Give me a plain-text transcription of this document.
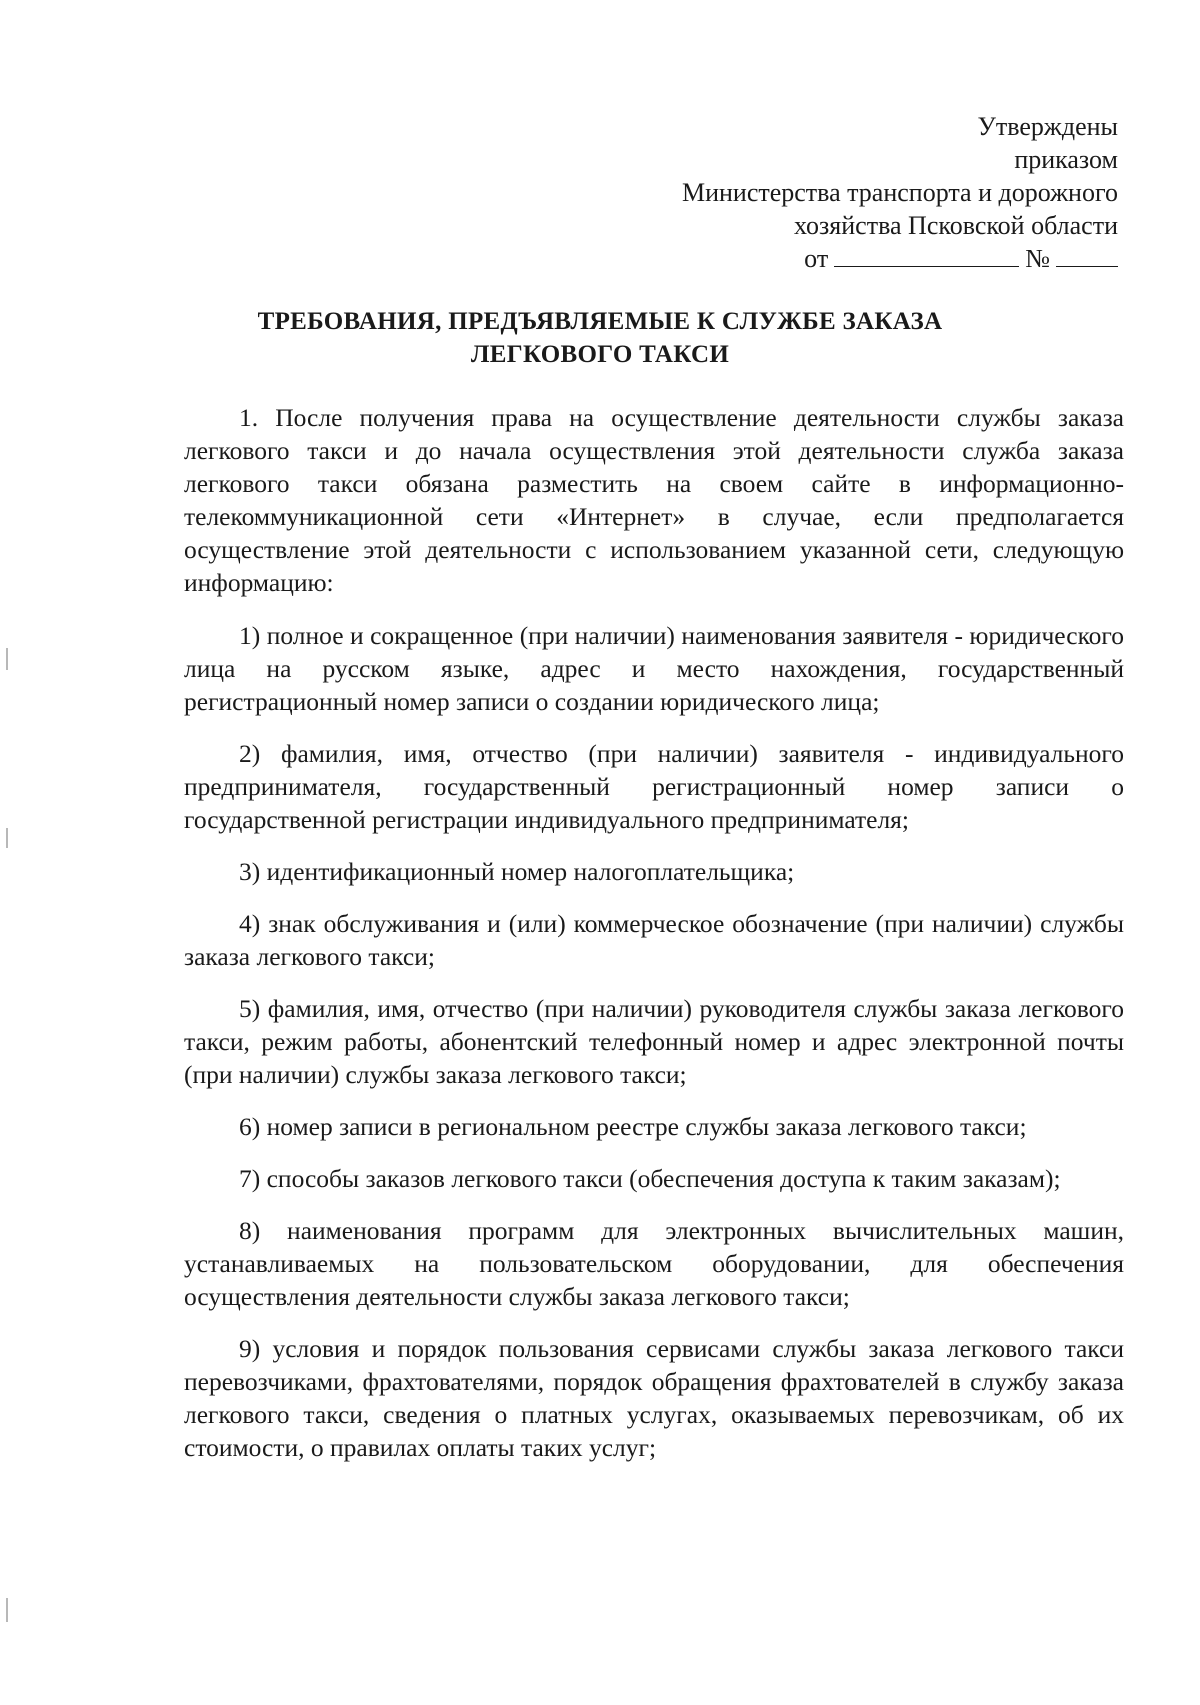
Утверждены
приказом
Министерства транспорта и дорожного
хозяйства Псковской области
от	№
ТРЕБОВАНИЯ, ПРЕДЪЯВЛЯЕМЫЕ К СЛУЖБЕ ЗАКАЗА
ЛЕГКОВОГО ТАКСИ

1. После получения права на осуществление деятельности службы заказа легкового такси и до начала осуществления этой деятельности служба заказа легкового такси обязана разместить на своем сайте в информационно-телекоммуникационной сети «Интернет» в случае, если предполагается осуществление этой деятельности с использованием указанной сети, следующую информацию:

1) полное и сокращенное (при наличии) наименования заявителя - юридического лица на русском языке, адрес и место нахождения, государственный регистрационный номер записи о создании юридического лица;

2) фамилия, имя, отчество (при наличии) заявителя - индивидуального предпринимателя, государственный регистрационный номер записи о государственной регистрации индивидуального предпринимателя;

3) идентификационный номер налогоплательщика;

4) знак обслуживания и (или) коммерческое обозначение (при наличии) службы заказа легкового такси;

5) фамилия, имя, отчество (при наличии) руководителя службы заказа легкового такси, режим работы, абонентский телефонный номер и адрес электронной почты (при наличии) службы заказа легкового такси;

6) номер записи в региональном реестре службы заказа легкового такси;

7) способы заказов легкового такси (обеспечения доступа к таким заказам);

8) наименования программ для электронных вычислительных машин, устанавливаемых на пользовательском оборудовании, для обеспечения осуществления деятельности службы заказа легкового такси;

9) условия и порядок пользования сервисами службы заказа легкового такси перевозчиками, фрахтователями, порядок обращения фрахтователей в службу заказа легкового такси, сведения о платных услугах, оказываемых перевозчикам, об их стоимости, о правилах оплаты таких услуг;
